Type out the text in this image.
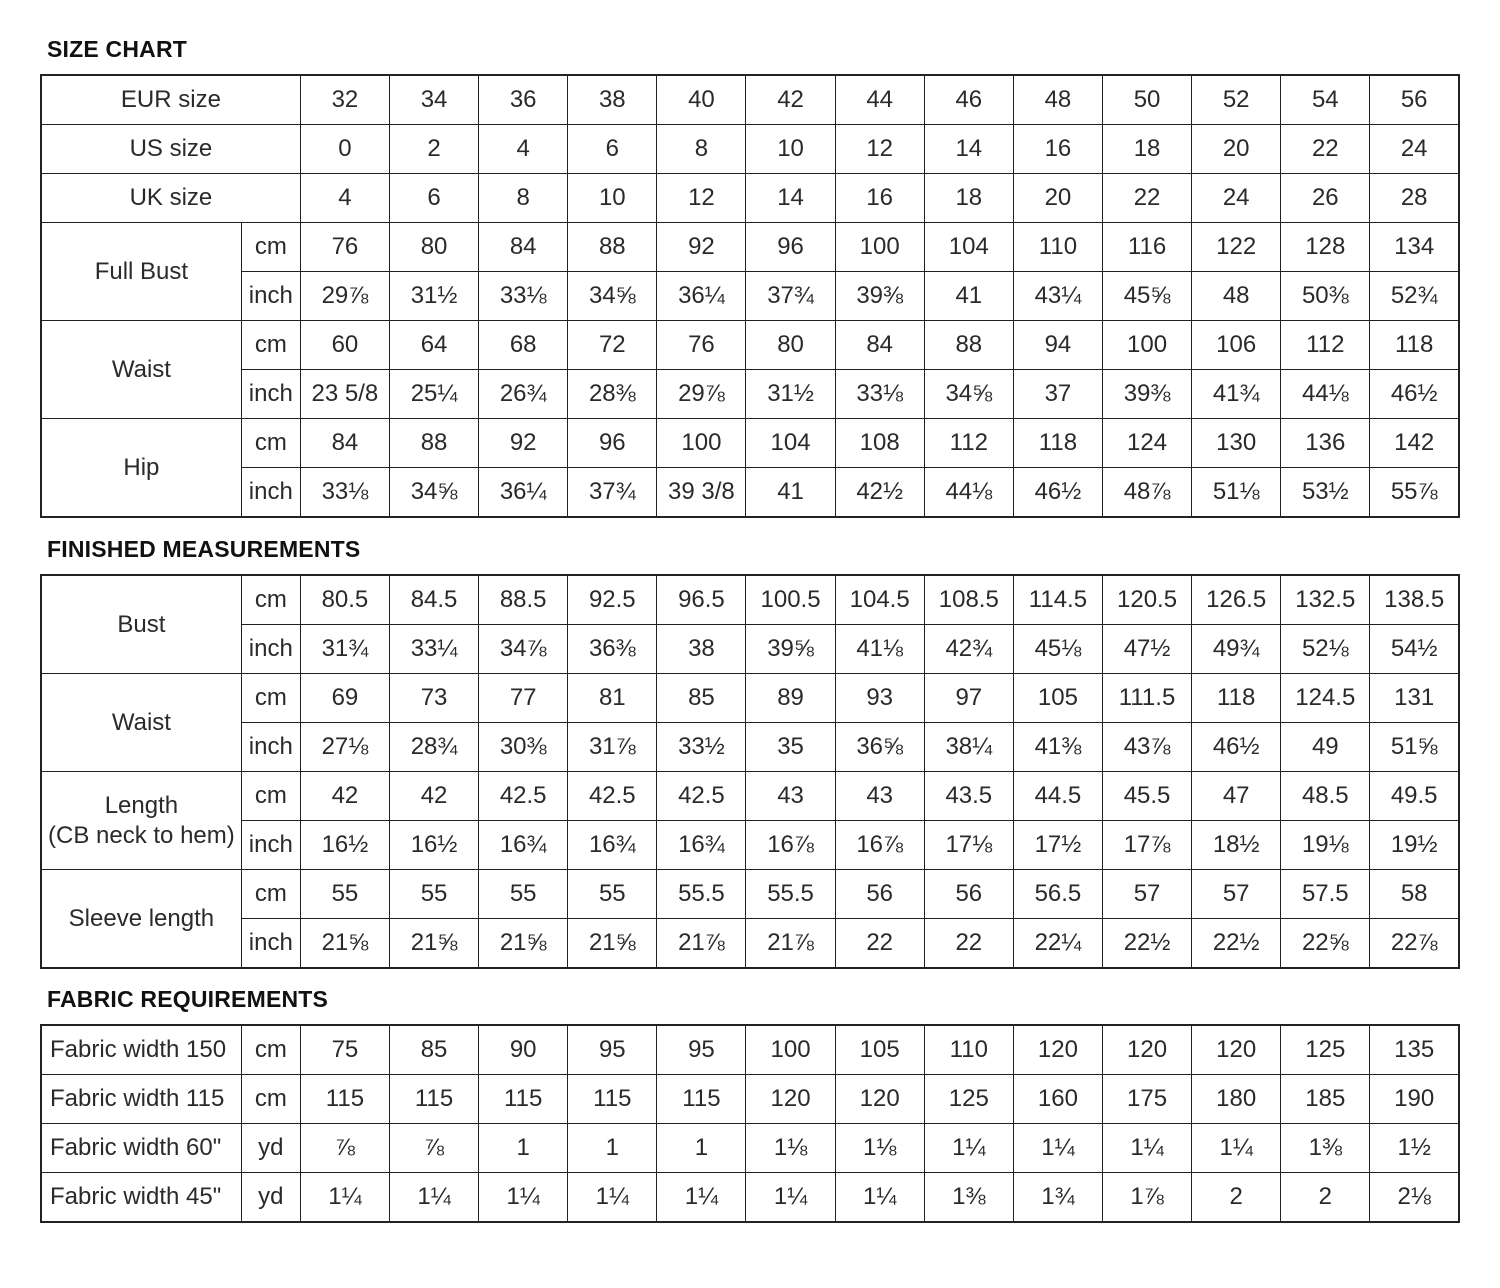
SIZE CHART
EUR size		32	34	36	38	40	42	44	46	48	50	52	54	56
US size		0	2	4	6	8	10	12	14	16	18	20	22	24
UK size		4	6	8	10	12	14	16	18	20	22	24	26	28

Full Bust	cm	76	80	84	88	92	96	100	104	110	116	122	128	134
	inch	29⅞	31½	33⅛	34⅝	36¼	37¾	39⅜	41	43¼	45⅝	48	50⅜	52¾

Waist	cm	60	64	68	72	76	80	84	88	94	100	106	112	118
	inch	23 5/8	25¼	26¾	28⅜	29⅞	31½	33⅛	34⅝	37	39⅜	41¾	44⅛	46½

Hip	cm	84	88	92	96	100	104	108	112	118	124	130	136	142
	inch	33⅛	34⅝	36¼	37¾	39 3/8	41	42½	44⅛	46½	48⅞	51⅛	53½	55⅞
FINISHED MEASUREMENTS
Bust	cm	80.5	84.5	88.5	92.5	96.5	100.5	104.5	108.5	114.5	120.5	126.5	132.5	138.5
	inch	31¾	33¼	34⅞	36⅜	38	39⅝	41⅛	42¾	45⅛	47½	49¾	52⅛	54½

Waist	cm	69	73	77	81	85	89	93	97	105	111.5	118	124.5	131
	inch	27⅛	28¾	30⅜	31⅞	33½	35	36⅝	38¼	41⅜	43⅞	46½	49	51⅝

Length
(CB neck to hem)	cm	42	42	42.5	42.5	42.5	43	43	43.5	44.5	45.5	47	48.5	49.5
	inch	16½	16½	16¾	16¾	16¾	16⅞	16⅞	17⅛	17½	17⅞	18½	19⅛	19½

Sleeve length	cm	55	55	55	55	55.5	55.5	56	56	56.5	57	57	57.5	58
	inch	21⅝	21⅝	21⅝	21⅝	21⅞	21⅞	22	22	22¼	22½	22½	22⅝	22⅞
FABRIC REQUIREMENTS
Fabric width 150	cm	75	85	90	95	95	100	105	110	120	120	120	125	135
Fabric width 115	cm	115	115	115	115	115	120	120	125	160	175	180	185	190
Fabric width 60"	yd	⅞	⅞	1	1	1	1⅛	1⅛	1¼	1¼	1¼	1¼	1⅜	1½
Fabric width 45"	yd	1¼	1¼	1¼	1¼	1¼	1¼	1¼	1⅜	1¾	1⅞	2	2	2⅛
